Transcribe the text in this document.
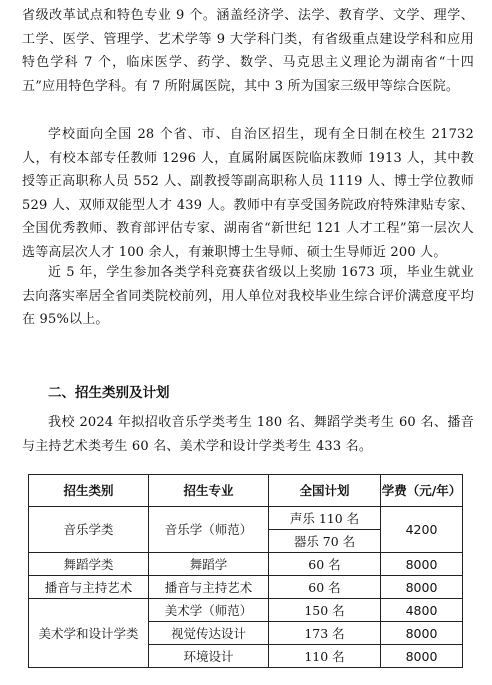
省级改革试点和特色专业 9 个。涵盖经济学、法学、教育学、文学、理学、工学、医学、管理学、艺术学等 9 大学科门类，有省级重点建设学科和应用特色学科 7 个，临床医学、药学、数学、马克思主义理论为湖南省“十四五”应用特色学科。有 7 所附属医院，其中 3 所为国家三级甲等综合医院。

学校面向全国 28 个省、市、自治区招生，现有全日制在校生 21732 人，有校本部专任教师 1296 人，直属附属医院临床教师 1913 人，其中教授等正高职称人员 552 人、副教授等副高职称人员 1119 人、博士学位教师 529 人、双师双能型人才 439 人。教师中有享受国务院政府特殊津贴专家、全国优秀教师、教育部评估专家、湖南省“新世纪 121 人才工程”第一层次人选等高层次人才 100 余人，有兼职博士生导师、硕士生导师近 200 人。

近 5 年，学生参加各类学科竞赛获省级以上奖励 1673 项，毕业生就业去向落实率居全省同类院校前列，用人单位对我校毕业生综合评价满意度平均在 95%以上。

二、招生类别及计划

我校 2024 年拟招收音乐学类考生 180 名、舞蹈学类考生 60 名、播音与主持艺术类考生 60 名、美术学和设计学类考生 433 名。

招生类别	招生专业	全国计划	学费（元/年）
音乐学类	音乐学（师范）	声乐 110 名	4200
		器乐 70 名	
舞蹈学类	舞蹈学	60 名	8000
播音与主持艺术	播音与主持艺术	60 名	8000
美术学和设计学类	美术学（师范）	150 名	4800
	视觉传达设计	173 名	8000
	环境设计	110 名	8000
